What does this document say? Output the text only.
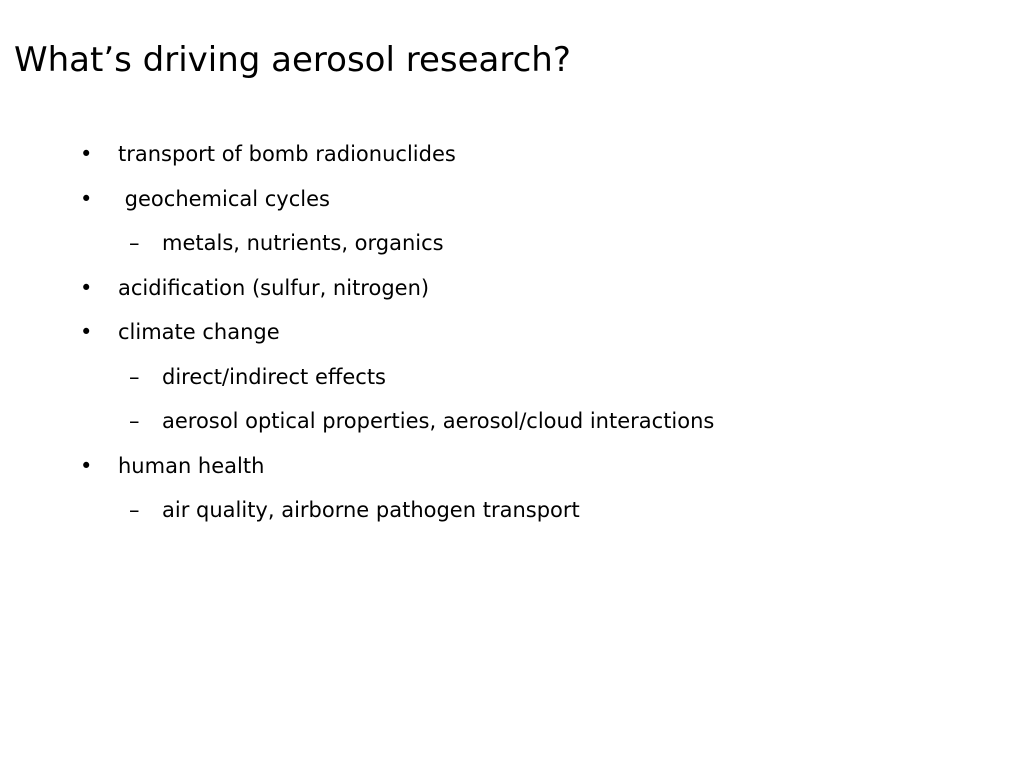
What’s driving aerosol research?
• transport of bomb radionuclides
• geochemical cycles
– metals, nutrients, organics
• acidification (sulfur, nitrogen)
• climate change
– direct/indirect effects
– aerosol optical properties, aerosol/cloud interactions
• human health
– air quality, airborne pathogen transport
